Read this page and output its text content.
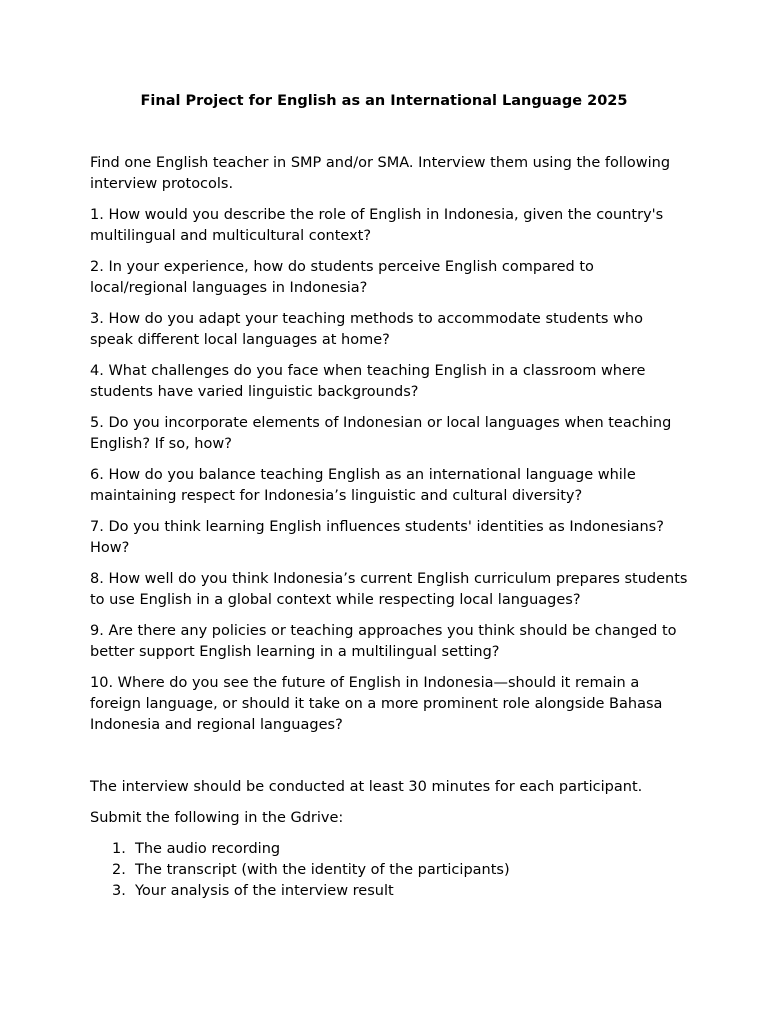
Final Project for English as an International Language 2025

Find one English teacher in SMP and/or SMA. Interview them using the following interview protocols.

1. How would you describe the role of English in Indonesia, given the country's multilingual and multicultural context?

2. In your experience, how do students perceive English compared to local/regional languages in Indonesia?

3. How do you adapt your teaching methods to accommodate students who speak different local languages at home?

4. What challenges do you face when teaching English in a classroom where students have varied linguistic backgrounds?

5. Do you incorporate elements of Indonesian or local languages when teaching English? If so, how?

6. How do you balance teaching English as an international language while maintaining respect for Indonesia’s linguistic and cultural diversity?

7. Do you think learning English influences students' identities as Indonesians? How?

8. How well do you think Indonesia’s current English curriculum prepares students to use English in a global context while respecting local languages?

9. Are there any policies or teaching approaches you think should be changed to better support English learning in a multilingual setting?

10. Where do you see the future of English in Indonesia—should it remain a foreign language, or should it take on a more prominent role alongside Bahasa Indonesia and regional languages?

The interview should be conducted at least 30 minutes for each participant.

Submit the following in the Gdrive:

1. The audio recording
2. The transcript (with the identity of the participants)
3. Your analysis of the interview result
